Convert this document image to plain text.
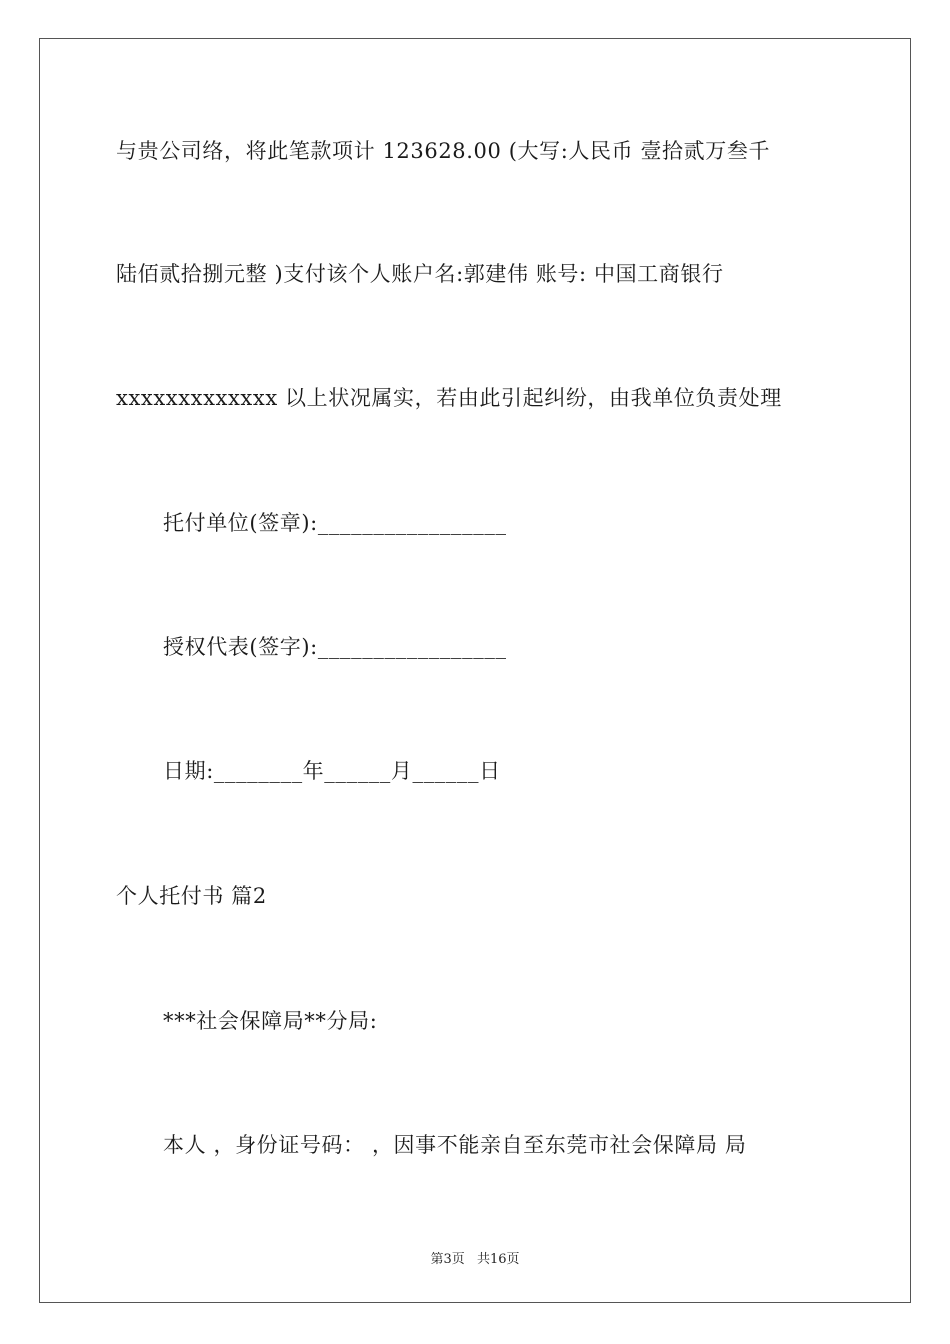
与贵公司络，将此笔款项计 123628.00 (大写:人民币 壹拾贰万叁千
陆佰贰拾捌元整 )支付该个人账户名:郭建伟 账号: 中国工商银行
xxxxxxxxxxxxx 以上状况属实，若由此引起纠纷，由我单位负责处理
托付单位(签章):_________________
授权代表(签字):_________________
日期:________年______月______日
个人托付书 篇2
***社会保障局**分局:
本人 ，身份证号码： ，因事不能亲自至东莞市社会保障局 局
第3页 共16页
